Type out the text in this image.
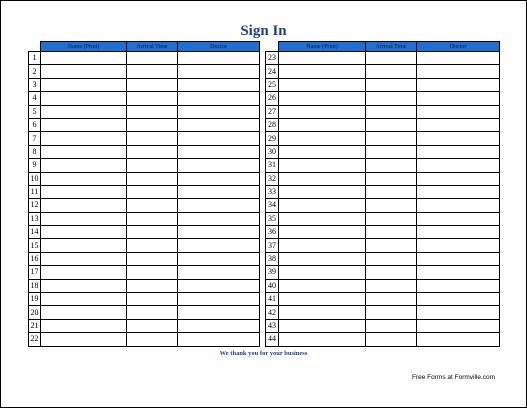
Sign In
	Name (Print)	Arrival Time	Doctor
1			
2			
3			
4			
5			
6			
7			
8			
9			
10			
11			
12			
13			
14			
15			
16			
17			
18			
19			
20			
21			
22			
	Name (Print)	Arrival Time	Doctor
23			
24			
25			
26			
27			
28			
29			
30			
31			
32			
33			
34			
35			
36			
37			
38			
39			
40			
41			
42			
43			
44			
We thank you for your business
Free Forms at Formville.com
